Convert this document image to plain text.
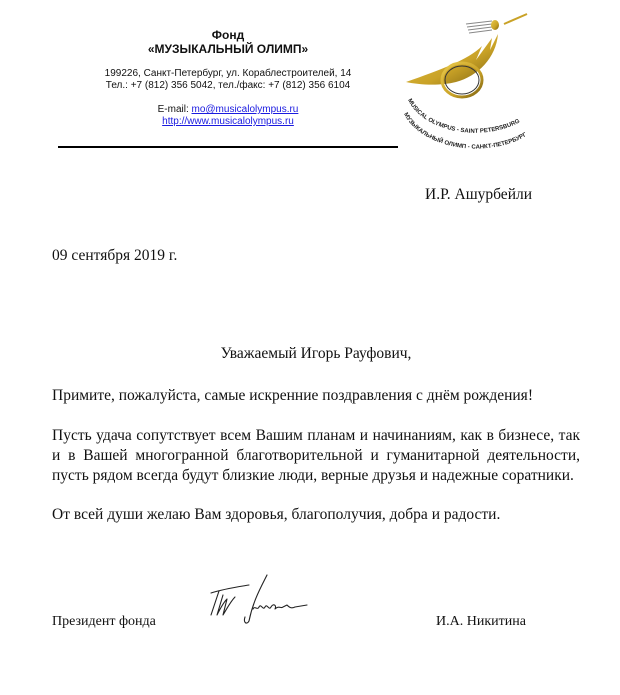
Фонд
«МУЗЫКАЛЬНЫЙ ОЛИМП»
199226, Санкт-Петербург, ул. Кораблестроителей, 14
Тел.: +7 (812) 356 5042, тел./факс: +7 (812) 356 6104
E-mail: mo@musicalolympus.ru
http://www.musicalolympus.ru
MUSICAL OLYMPUS - SAINT PETERSBURG
МУЗЫКАЛЬНЫЙ ОЛИМП - САНКТ-ПЕТЕРБУРГ

И.Р. Ашурбейли

09 сентября 2019 г.

Уважаемый Игорь Рауфович,

Примите, пожалуйста, самые искренние поздравления с днём рождения!

Пусть удача сопутствует всем Вашим планам и начинаниям, как в бизнесе, так и в Вашей многогранной благотворительной и гуманитарной деятельности, пусть рядом всегда будут близкие люди, верные друзья и надежные соратники.

От всей души желаю Вам здоровья, благополучия, добра и радости.

Президент фонда	И.А. Никитина
